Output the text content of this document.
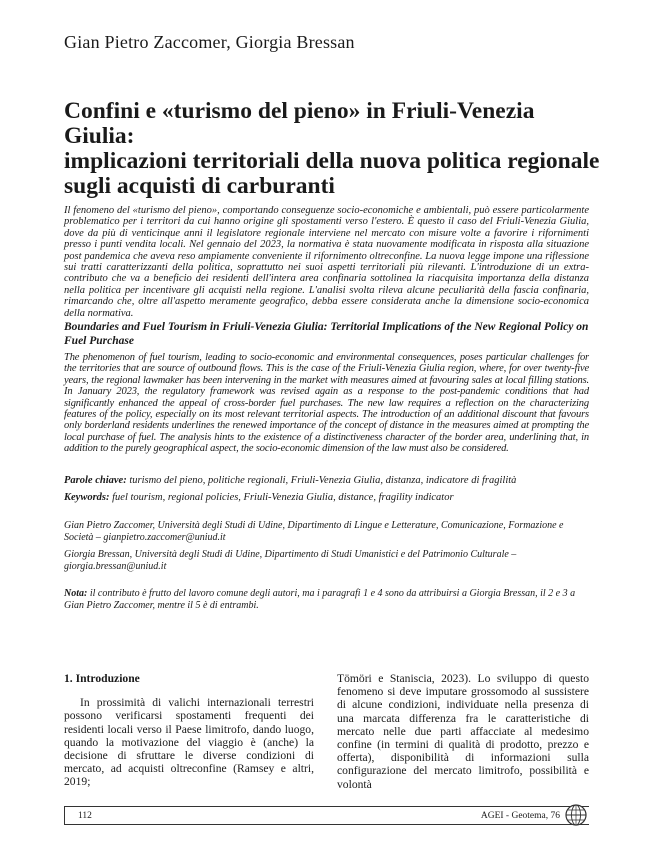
Gian Pietro Zaccomer, Giorgia Bressan
Confini e «turismo del pieno» in Friuli-Venezia Giulia:
implicazioni territoriali della nuova politica regionale
sugli acquisti di carburanti
Il fenomeno del «turismo del pieno», comportando conseguenze socio-economiche e ambientali, può essere particolarmente problematico per i territori da cui hanno origine gli spostamenti verso l'estero. È questo il caso del Friuli-Venezia Giulia, dove da più di venticinque anni il legislatore regionale interviene nel mercato con misure volte a favorire i rifornimenti presso i punti vendita locali. Nel gennaio del 2023, la normativa è stata nuovamente modificata in risposta alla situazione post pandemica che aveva reso ampiamente conveniente il rifornimento oltreconfine. La nuova legge impone una riflessione sui tratti caratterizzanti della politica, soprattutto nei suoi aspetti territoriali più rilevanti. L'introduzione di un extra-contributo che va a beneficio dei residenti dell'intera area confinaria sottolinea la riacquisita importanza della distanza nella politica per incentivare gli acquisti nella regione. L'analisi svolta rileva alcune peculiarità della fascia confinaria, rimarcando che, oltre all'aspetto meramente geografico, debba essere considerata anche la dimensione socio-economica della normativa.
Boundaries and Fuel Tourism in Friuli-Venezia Giulia: Territorial Implications of the New Regional Policy on Fuel Purchase
The phenomenon of fuel tourism, leading to socio-economic and environmental consequences, poses particular challenges for the territories that are source of outbound flows. This is the case of the Friuli-Venezia Giulia region, where, for over twenty-five years, the regional lawmaker has been intervening in the market with measures aimed at favouring sales at local filling stations. In January 2023, the regulatory framework was revised again as a response to the post-pandemic conditions that had significantly enhanced the appeal of cross-border fuel purchases. The new law requires a reflection on the characterizing features of the policy, especially on its most relevant territorial aspects. The introduction of an additional discount that favours only borderland residents underlines the renewed importance of the concept of distance in the measures aimed at prompting the local purchase of fuel. The analysis hints to the existence of a distinctiveness character of the border area, underlining that, in addition to the purely geographical aspect, the socio-economic dimension of the law must also be considered.
Parole chiave: turismo del pieno, politiche regionali, Friuli-Venezia Giulia, distanza, indicatore di fragilità
Keywords: fuel tourism, regional policies, Friuli-Venezia Giulia, distance, fragility indicator
Gian Pietro Zaccomer, Università degli Studi di Udine, Dipartimento di Lingue e Letterature, Comunicazione, Formazione e Società – gianpietro.zaccomer@uniud.it
Giorgia Bressan, Università degli Studi di Udine, Dipartimento di Studi Umanistici e del Patrimonio Culturale – giorgia.bressan@uniud.it
Nota: il contributo è frutto del lavoro comune degli autori, ma i paragrafi 1 e 4 sono da attribuirsi a Giorgia Bressan, il 2 e 3 a Gian Pietro Zaccomer, mentre il 5 è di entrambi.
1. Introduzione

In prossimità di valichi internazionali terrestri possono verificarsi spostamenti frequenti dei residenti locali verso il Paese limitrofo, dando luogo, quando la motivazione del viaggio è (anche) la decisione di sfruttare le diverse condizioni di mercato, ad acquisti oltreconfine (Ramsey e altri, 2019;

Tömöri e Staniscia, 2023). Lo sviluppo di questo fenomeno si deve imputare grossomodo al sussistere di alcune condizioni, individuate nella presenza di una marcata differenza fra le caratteristiche di mercato nelle due parti affacciate al medesimo confine (in termini di qualità di prodotto, prezzo e offerta), disponibilità di informazioni sulla configurazione del mercato limitrofo, possibilità e volontà

112	AGEI - Geotema, 76
